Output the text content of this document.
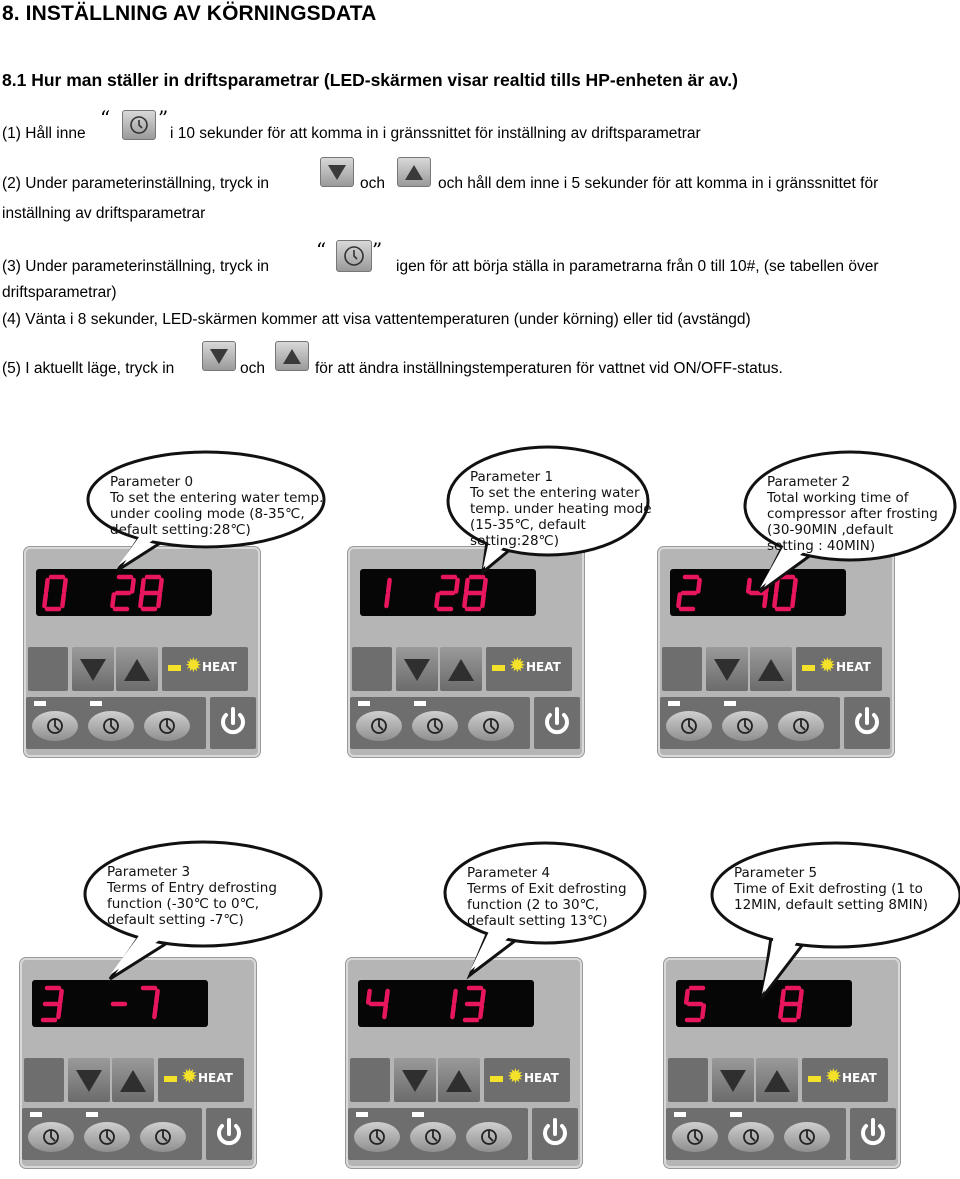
8. INSTÄLLNING AV KÖRNINGSDATA
8.1 Hur man ställer in driftsparametrar (LED-skärmen visar realtid tills HP-enheten är av.)
(1) Håll inne
“ ”
i 10 sekunder för att komma in i gränssnittet för inställning av driftsparametrar
(2) Under parameterinställning, tryck in	och	och håll dem inne i 5 sekunder för att komma in i gränssnittet för
inställning av driftsparametrar
(3) Under parameterinställning, tryck in
“ ”
igen för att börja ställa in parametrarna från 0 till 10#, (se tabellen över
driftsparametrar)
(4) Vänta i 8 sekunder, LED-skärmen kommer att visa vattentemperaturen (under körning) eller tid (avstängd)
(5) I aktuellt läge, tryck in	och	för att ändra inställningstemperaturen för vattnet vid ON/OFF-status.
✹ HEAT
Parameter 0
To set the entering water temp.
under cooling mode (8-35℃,
default setting:28℃)
✹ HEAT
Parameter 1
To set the entering water
temp. under heating mode
(15-35℃, default
setting:28℃)
✹ HEAT
Parameter 2
Total working time of
compressor after frosting
(30-90MIN ,default
setting : 40MIN)
✹ HEAT
Parameter 3
Terms of Entry defrosting
function (-30℃ to 0℃,
default setting -7℃)
✹ HEAT
Parameter 4
Terms of Exit defrosting
function (2 to 30℃,
default setting 13℃)
✹ HEAT
Parameter 5
Time of Exit defrosting (1 to
12MIN, default setting 8MIN)
